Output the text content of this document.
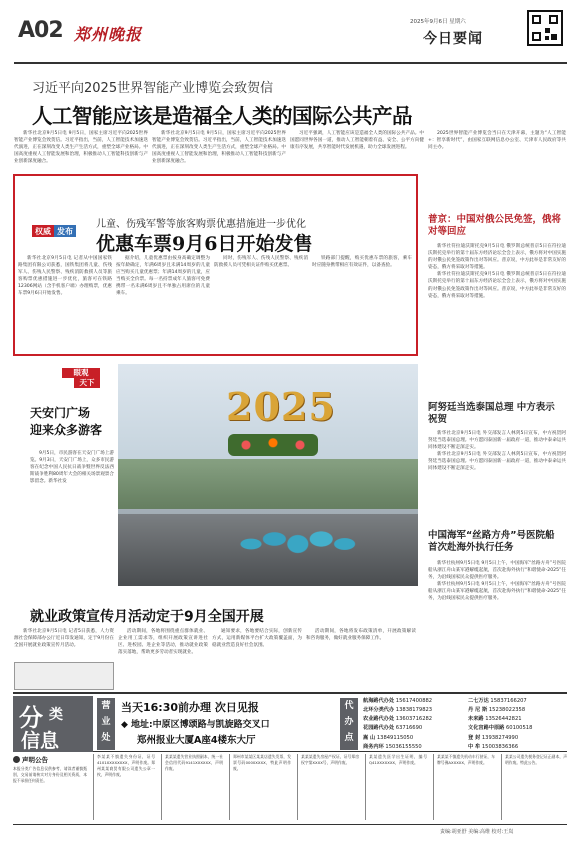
A02 郑州晚报
2025年9月6日 星期六
今日要闻
习近平向2025世界智能产业博览会致贺信
人工智能应该是造福全人类的国际公共产品

新华社北京9月5日电 9月5日，国家主席习近平向2025世界智能产业博览会致贺信。习近平指出，当前，人工智能技术加速迭代演进，正在深刻改变人类生产生活方式，重塑全球产业格局。中国高度重视人工智能发展和治理，积极推动人工智能科技创新与产业创新深度融合。

新华社北京9月5日电 9月5日，国家主席习近平向2025世界智能产业博览会致贺信。习近平指出，当前，人工智能技术加速迭代演进，正在深刻改变人类生产生活方式，重塑全球产业格局。中国高度重视人工智能发展和治理，积极推动人工智能科技创新与产业创新深度融合。

习近平强调，人工智能应该是造福全人类的国际公共产品。中国愿同世界各国一道，推动人工智能朝着有益、安全、公平方向健康有序发展，共享智能时代发展机遇，助力全球发展进程。

2025世界智能产业博览会当日在天津开幕，主题为“人工智能+：智享新时代”，由国家互联网信息办公室、天津市人民政府等共同主办。

权威 发布
儿童、伤残军警等旅客购票优惠措施进一步优化
优惠车票9月6日开始发售

新华社北京9月5日电 记者从中国国家铁路集团有限公司获悉，国铁集团将儿童、伤残军人、伤残人民警察、残疾消防救援人员等旅客购票优惠措施进一步优化，旅客可在铁路12306网站（含手机客户端）办理购票，优惠车票9月6日开始发售。

据介绍，儿童优惠票由按身高确定调整为按年龄确定，年满6周岁且未满14周岁的儿童应当购买儿童优惠票；年满14周岁的儿童，应当购买全价票。每一名持票成年人旅客可免费携带一名未满6周岁且不单独占用席位的儿童乘车。

同时，伤残军人、伤残人民警察、残疾消防救援人员可凭相关证件购买优惠票。

铁路部门提醒，购买优惠车票的旅客，乘车时应随身携带相应有效证件，以备查验。

普京：中国对俄公民免签，俄将对等回应

新华社符拉迪沃斯托克9月5日电 俄罗斯总统普京5日在符拉迪沃斯托克举行的第十届东方经济论坛全会上表示，俄方将对中国实施的对俄公民免签政策作出对等回应。普京说，中方此举是非常友好的姿态，俄方将采取对等措施。

新华社符拉迪沃斯托克9月5日电 俄罗斯总统普京5日在符拉迪沃斯托克举行的第十届东方经济论坛全会上表示，俄方将对中国实施的对俄公民免签政策作出对等回应。普京说，中方此举是非常友好的姿态，俄方将采取对等措施。

阿努廷当选泰国总理 中方表示祝贺

新华社北京9月5日电 外交部发言人林剑5日宣布，中方祝贺阿努廷当选泰国总理。中方愿同泰国新一届政府一道，推动中泰命运共同体建设不断走深走实。

新华社北京9月5日电 外交部发言人林剑5日宣布，中方祝贺阿努廷当选泰国总理。中方愿同泰国新一届政府一道，推动中泰命运共同体建设不断走深走实。

中国海军“丝路方舟”号医院船首次赴海外执行任务

新华社杭州9月5日电 9月5日上午，中国海军“丝路方舟”号医院船从浙江舟山某军港解缆起航，首次赴海外执行“和谐使命-2025”任务，为沿线国家民众提供医疗服务。

新华社杭州9月5日电 9月5日上午，中国海军“丝路方舟”号医院船从浙江舟山某军港解缆起航，首次赴海外执行“和谐使命-2025”任务，为沿线国家民众提供医疗服务。

2025
眼观
天下
天安门广场
迎来众多游客

9月5日，市民游客在天安门广场上游览。9月3日，天安门广场上，众多市民游客在纪念中国人民抗日战争暨世界反法西斯战争胜利80周年大会的相关场景观景合影留念。新华社发

就业政策宣传月活动定于9月全国开展

新华社北京9月5日电 记者5日获悉，人力资源社会保障部办公厅近日印发通知，定于9月份在全国开展就业政策宣传月活动。

活动期间，各地将围绕重点群体就业、企业用工需求等，组织开展政策宣讲进社区、进校园、进企业等活动，推动就业政策落实落地，帮助更多劳动者实现就业。

通知要求，各地要结合实际，创新宣传方式，运用新媒体平台扩大政策覆盖面，为稳就业营造良好社会氛围。

活动期间，各地将发布政策清单，开展政策解读和咨询服务，做好就业服务保障工作。

分 类
信息
营
业
处
当天16:30前办理 次日见报
◆ 地址:中原区博颂路与凯旋路交叉口
郑州报业大厦A座4楼东大厅
代
办
点
航海路代办处 15617400882
北环分类代办 13838179823
农业路代办处 13603716282
花园路代办处 63716690
二七万达 15837166207
丹 尼 斯 15238022358
未来路 13526442821
文化宫路中原路 60100518
嵩 山 13849115050
商务内环 15036155550
登 封 13938274990
中 牟 15003836366
声明公告
本报分类广告信息仅供参考，请读者谨慎甄别，交易前请核实对方身份及相关资质，本报不承担任何责任。
李某某不慎遗失身份证，证号4101XXXXXXXX，声明作废。郑州某某商贸有限公司遗失公章一枚，声明作废。
某某某遗失营业执照副本，统一社会信用代码9141XXXXXX，声明作废。
郑州市某某区某某店遗失发票，发票号码0000XXXX，特此声明作废。
某某某遗失房屋产权证，证号郑房权字第XXXX号，声明作废。
某某遗失医学出生证明，编号Q41XXXXXXX，声明作废。
某某某不慎遗失机动车行驶证，车牌号豫AXXXXX，声明作废。
某某公司遗失税务登记证正副本，声明作废。特此公告。
责编:胡亚舒 美编:高维 校对:王岚
